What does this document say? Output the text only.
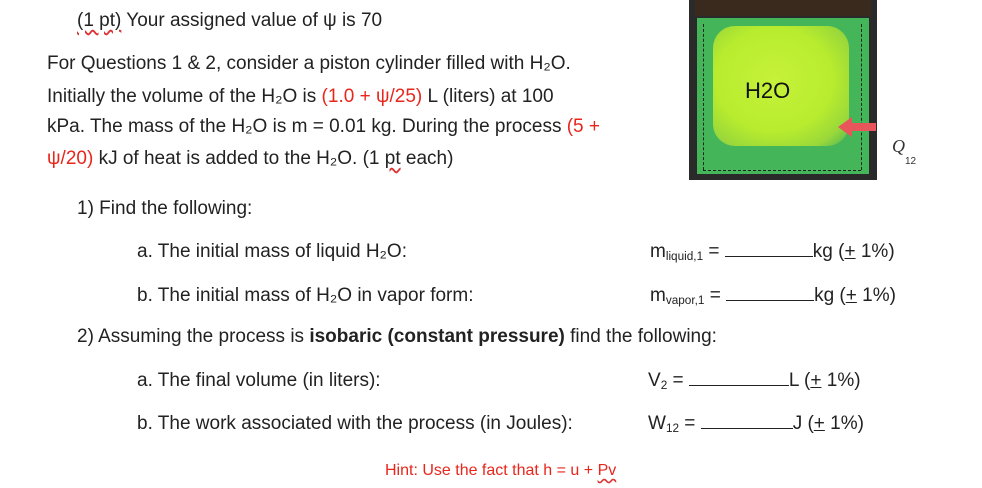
(1 pt) Your assigned value of ψ is 70
For Questions 1 & 2, consider a piston cylinder filled with H₂O.
Initially the volume of the H₂O is (1.0 + ψ/25) L (liters) at 100
kPa. The mass of the H₂O is m = 0.01 kg. During the process (5 +
ψ/20) kJ of heat is added to the H₂O. (1 pt each)
H2O
Q
12
1) Find the following:
a. The initial mass of liquid H₂O:	$m_{liquid,1}$ =	kg (+ 1%)
b. The initial mass of H₂O in vapor form:	$m_{vapor,1}$ =	kg (+ 1%)
2) Assuming the process is isobaric (constant pressure) find the following:
a. The final volume (in liters):	$V_2$ =	L (+ 1%)
b. The work associated with the process (in Joules):	$W_{12}$ =	J (+ 1%)
Hint: Use the fact that h = u + Pv
